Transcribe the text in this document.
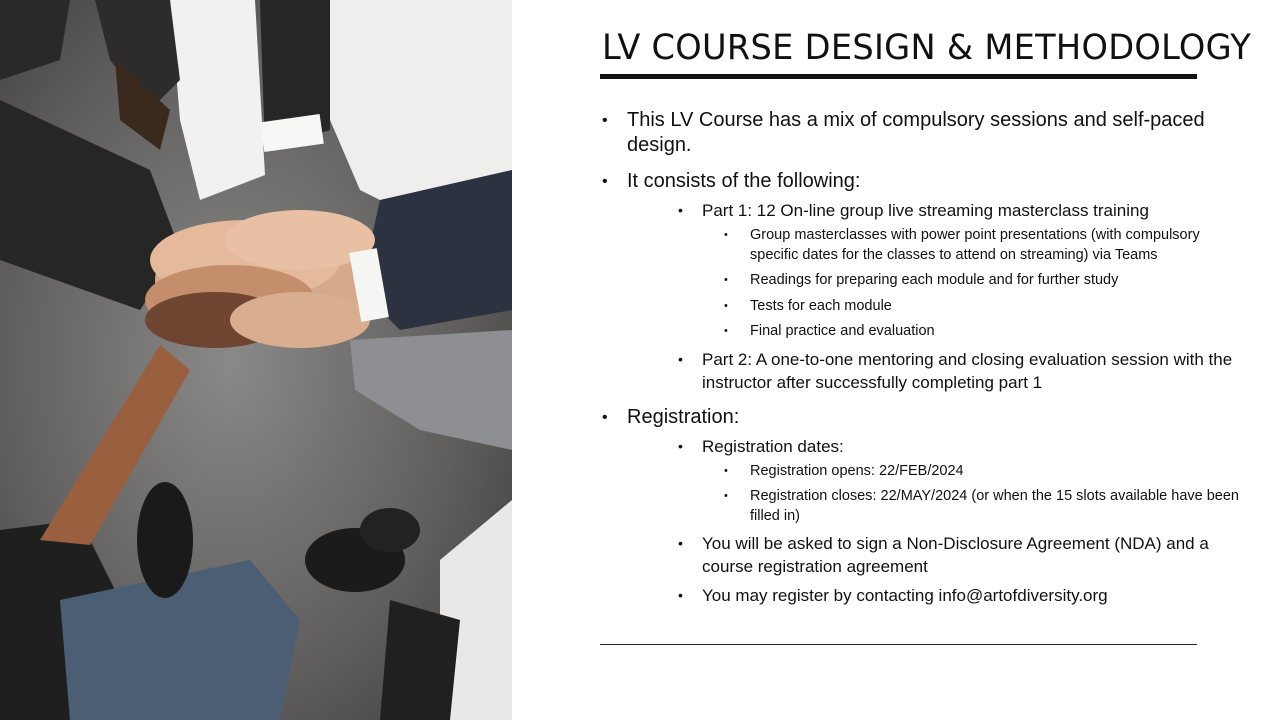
LV COURSE DESIGN & METHODOLOGY
• This LV Course has a mix of compulsory sessions and self-paced design.
• It consists of the following:
• Part 1: 12 On-line group live streaming masterclass training
• Group masterclasses with power point presentations (with compulsory specific dates for the classes to attend on streaming) via Teams
• Readings for preparing each module and for further study
• Tests for each module
• Final practice and evaluation
• Part 2: A one-to-one mentoring and closing evaluation session with the instructor after successfully completing part 1
• Registration:
• Registration dates:
• Registration opens: 22/FEB/2024
• Registration closes: 22/MAY/2024 (or when the 15 slots available have been filled in)
• You will be asked to sign a Non-Disclosure Agreement (NDA) and a course registration agreement
• You may register by contacting info@artofdiversity.org
